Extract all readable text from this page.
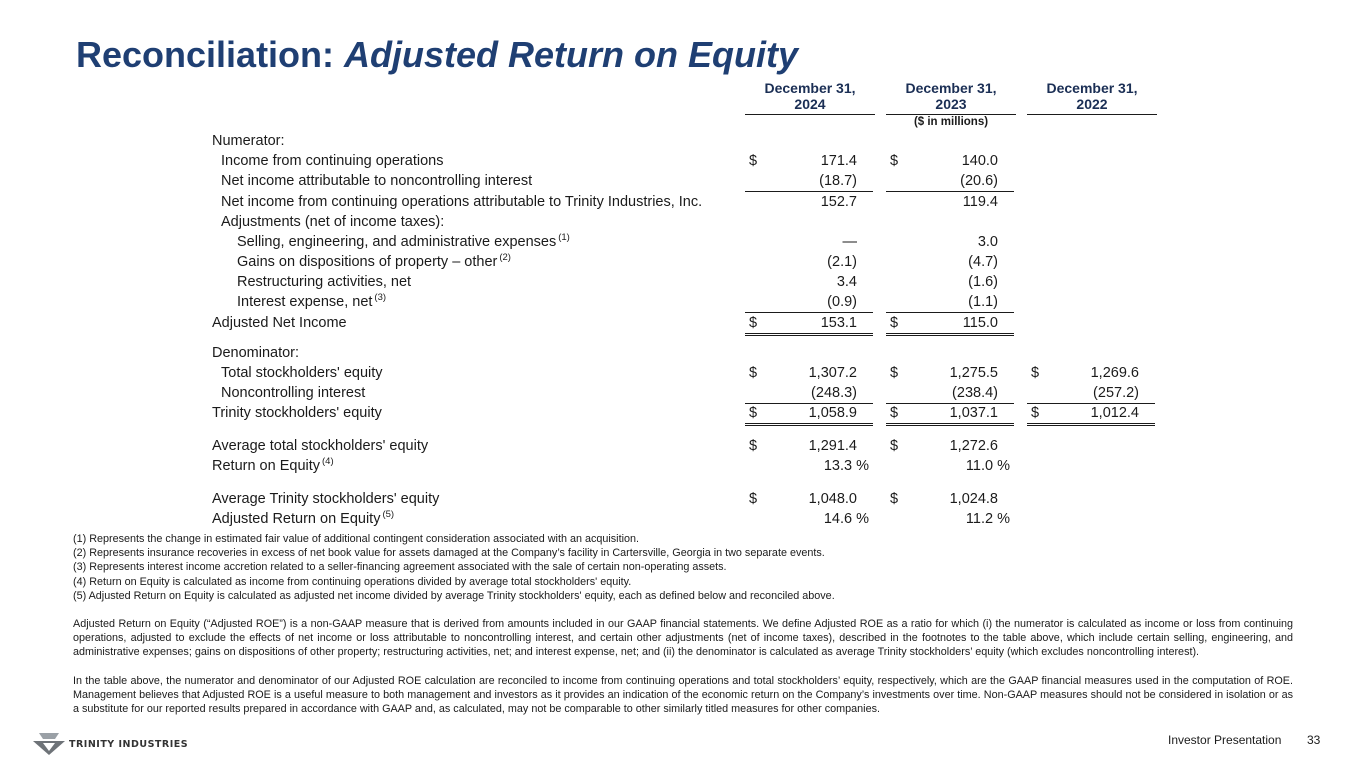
Reconciliation: Adjusted Return on Equity
December 31,
2024
December 31,
2023
December 31,
2022
($ in millions)
Numerator:
Income from continuing operations	$	171.4 $	140.0
Net income attributable to noncontrolling interest	(18.7)	(20.6)
Net income from continuing operations attributable to Trinity Industries, Inc.	152.7	119.4
Adjustments (net of income taxes):
Selling, engineering, and administrative expenses $^{(1)}$	—	3.0
Gains on dispositions of property – other $^{(2)}$	(2.1)	(4.7)
Restructuring activities, net	3.4	(1.6)
Interest expense, net $^{(3)}$	(0.9)	(1.1)
Adjusted Net Income	$	153.1 $	115.0
Denominator:
Total stockholders' equity	$	1,307.2 $	1,275.5 $	1,269.6
Noncontrolling interest	(248.3)	(238.4)	(257.2)
Trinity stockholders' equity	$	1,058.9 $	1,037.1 $	1,012.4
Average total stockholders' equity	$	1,291.4 $	1,272.6
Return on Equity $^{(4)}$	13.3 %	11.0 %
Average Trinity stockholders' equity	$	1,048.0 $	1,024.8
Adjusted Return on Equity $^{(5)}$	14.6 %	11.2 %

(1) Represents the change in estimated fair value of additional contingent consideration associated with an acquisition.

(2) Represents insurance recoveries in excess of net book value for assets damaged at the Company’s facility in Cartersville, Georgia in two separate events.

(3) Represents interest income accretion related to a seller-financing agreement associated with the sale of certain non-operating assets.

(4) Return on Equity is calculated as income from continuing operations divided by average total stockholders' equity.

(5) Adjusted Return on Equity is calculated as adjusted net income divided by average Trinity stockholders' equity, each as defined below and reconciled above.

Adjusted Return on Equity (“Adjusted ROE”) is a non-GAAP measure that is derived from amounts included in our GAAP financial statements. We define Adjusted ROE as a ratio for which (i) the numerator is calculated as income or loss from continuing operations, adjusted to exclude the effects of net income or loss attributable to noncontrolling interest, and certain other adjustments (net of income taxes), described in the footnotes to the table above, which include certain selling, engineering, and administrative expenses; gains on dispositions of other property; restructuring activities, net; and interest expense, net; and (ii) the denominator is calculated as average Trinity stockholders’ equity (which excludes noncontrolling interest).

In the table above, the numerator and denominator of our Adjusted ROE calculation are reconciled to income from continuing operations and total stockholders’ equity, respectively, which are the GAAP financial measures used in the computation of ROE. Management believes that Adjusted ROE is a useful measure to both management and investors as it provides an indication of the economic return on the Company’s investments over time. Non-GAAP measures should not be considered in isolation or as a substitute for our reported results prepared in accordance with GAAP and, as calculated, may not be comparable to other similarly titled measures for other companies.

TRINITY INDUSTRIES	Investor Presentation 33
